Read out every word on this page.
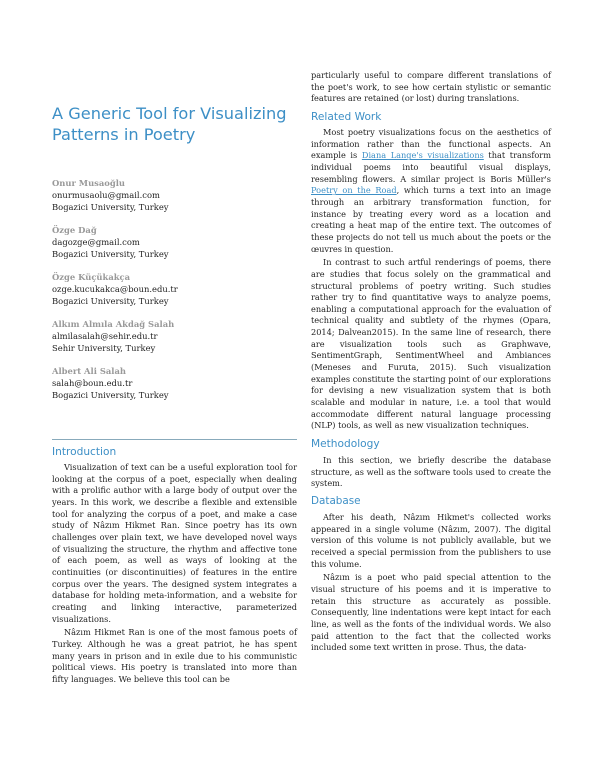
A Generic Tool for Visualizing Patterns in Poetry
Onur Musaoğlu
onurmusaolu@gmail.com
Bogazici University, Turkey
Özge Dağ
dagozge@gmail.com
Bogazici University, Turkey
Özge Küçükakça
ozge.kucukakca@boun.edu.tr
Bogazici University, Turkey
Alkım Almıla Akdağ Salah
almilasalah@sehir.edu.tr
Sehir University, Turkey
Albert Ali Salah
salah@boun.edu.tr
Bogazici University, Turkey
Introduction

Visualization of text can be a useful exploration tool for looking at the corpus of a poet, especially when dealing with a prolific author with a large body of output over the years. In this work, we describe a flexible and extensible tool for analyzing the corpus of a poet, and make a case study of Nâzım Hikmet Ran. Since poetry has its own challenges over plain text, we have developed novel ways of visualizing the structure, the rhythm and affective tone of each poem, as well as ways of looking at the continuities (or discontinuities) of features in the entire corpus over the years. The designed system integrates a database for holding meta-information, and a website for creating and linking interactive, parameterized visualizations.

Nâzım Hikmet Ran is one of the most famous poets of Turkey. Although he was a great patriot, he has spent many years in prison and in exile due to his communistic political views. His poetry is translated into more than fifty languages. We believe this tool can be

particularly useful to compare different translations of the poet's work, to see how certain stylistic or semantic features are retained (or lost) during translations.

Related Work

Most poetry visualizations focus on the aesthetics of information rather than the functional aspects. An example is Diana Lange's visualizations that transform individual poems into beautiful visual displays, resembling flowers. A similar project is Boris Müller's Poetry on the Road, which turns a text into an image through an arbitrary transformation function, for instance by treating every word as a location and creating a heat map of the entire text. The outcomes of these projects do not tell us much about the poets or the œuvres in question.

In contrast to such artful renderings of poems, there are studies that focus solely on the grammatical and structural problems of poetry writing. Such studies rather try to find quantitative ways to analyze poems, enabling a computational approach for the evaluation of technical quality and subtlety of the rhymes (Opara, 2014; Dalvean2015). In the same line of research, there are visualization tools such as Graphwave, SentimentGraph, SentimentWheel and Ambiances (Meneses and Furuta, 2015). Such visualization examples constitute the starting point of our explorations for devising a new visualization system that is both scalable and modular in nature, i.e. a tool that would accommodate different natural language processing (NLP) tools, as well as new visualization techniques.

Methodology

In this section, we briefly describe the database structure, as well as the software tools used to create the system.

Database

After his death, Nâzım Hikmet's collected works appeared in a single volume (Nâzım, 2007). The digital version of this volume is not publicly available, but we received a special permission from the publishers to use this volume.

Nâzım is a poet who paid special attention to the visual structure of his poems and it is imperative to retain this structure as accurately as possible. Consequently, line indentations were kept intact for each line, as well as the fonts of the individual words. We also paid attention to the fact that the collected works included some text written in prose. Thus, the data-
